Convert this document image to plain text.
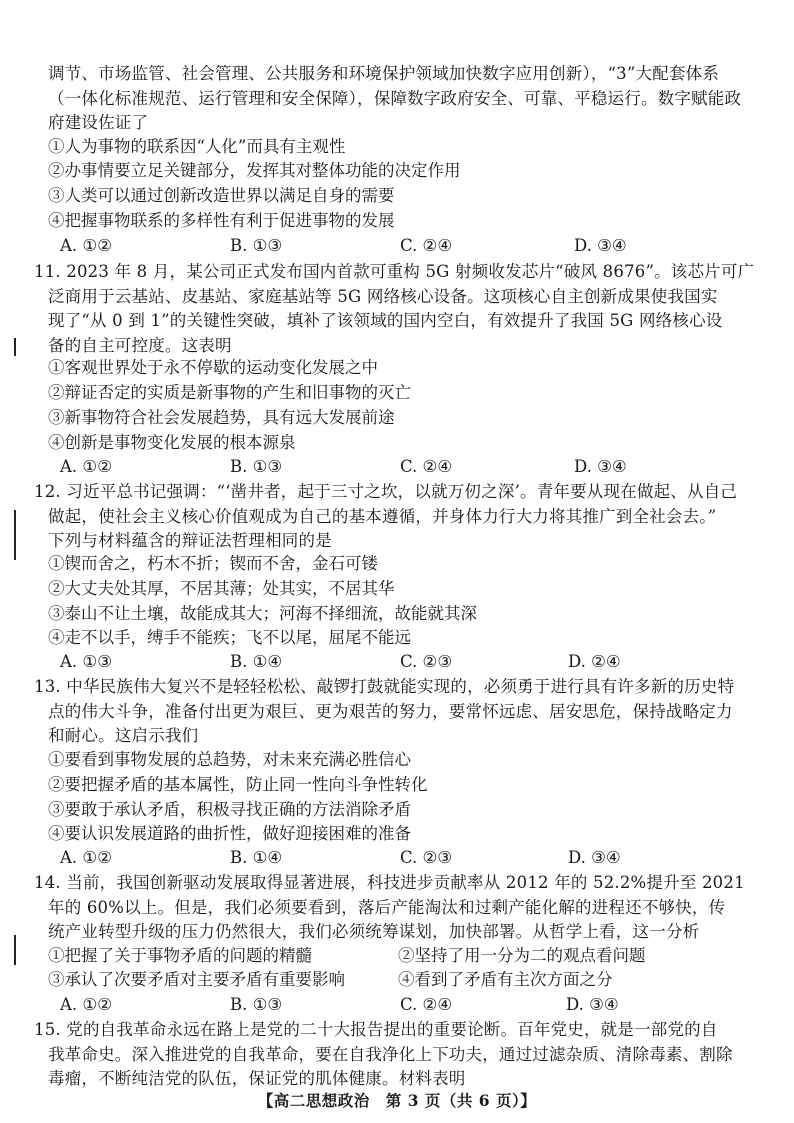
调节、市场监管、社会管理、公共服务和环境保护领域加快数字应用创新），“3”大配套体系
（一体化标准规范、运行管理和安全保障），保障数字政府安全、可靠、平稳运行。数字赋能政
府建设佐证了
①人为事物的联系因“人化”而具有主观性
②办事情要立足关键部分，发挥其对整体功能的决定作用
③人类可以通过创新改造世界以满足自身的需要
④把握事物联系的多样性有利于促进事物的发展
A. ①②	B. ①③	C. ②④	D. ③④
11. 2023 年 8 月，某公司正式发布国内首款可重构 5G 射频收发芯片“破风 8676”。该芯片可广
泛商用于云基站、皮基站、家庭基站等 5G 网络核心设备。这项核心自主创新成果使我国实
现了“从 0 到 1”的关键性突破，填补了该领域的国内空白，有效提升了我国 5G 网络核心设
备的自主可控度。这表明
①客观世界处于永不停歇的运动变化发展之中
②辩证否定的实质是新事物的产生和旧事物的灭亡
③新事物符合社会发展趋势，具有远大发展前途
④创新是事物变化发展的根本源泉
A. ①②	B. ①③	C. ②④	D. ③④
12. 习近平总书记强调：“‘凿井者，起于三寸之坎，以就万仞之深’。青年要从现在做起、从自己
做起，使社会主义核心价值观成为自己的基本遵循，并身体力行大力将其推广到全社会去。”
下列与材料蕴含的辩证法哲理相同的是
①锲而舍之，朽木不折；锲而不舍，金石可镂
②大丈夫处其厚，不居其薄；处其实，不居其华
③泰山不让土壤，故能成其大；河海不择细流，故能就其深
④走不以手，缚手不能疾；飞不以尾，屈尾不能远
A. ①③	B. ①④	C. ②③	D. ②④
13. 中华民族伟大复兴不是轻轻松松、敲锣打鼓就能实现的，必须勇于进行具有许多新的历史特
点的伟大斗争，准备付出更为艰巨、更为艰苦的努力，要常怀远虑、居安思危，保持战略定力
和耐心。这启示我们
①要看到事物发展的总趋势，对未来充满必胜信心
②要把握矛盾的基本属性，防止同一性向斗争性转化
③要敢于承认矛盾，积极寻找正确的方法消除矛盾
④要认识发展道路的曲折性，做好迎接困难的准备
A. ①②	B. ①④	C. ②③	D. ③④
14. 当前，我国创新驱动发展取得显著进展，科技进步贡献率从 2012 年的 52.2%提升至 2021
年的 60%以上。但是，我们必须要看到，落后产能淘汰和过剩产能化解的进程还不够快，传
统产业转型升级的压力仍然很大，我们必须统筹谋划，加快部署。从哲学上看，这一分析
①把握了关于事物矛盾的问题的精髓	②坚持了用一分为二的观点看问题
③承认了次要矛盾对主要矛盾有重要影响	④看到了矛盾有主次方面之分
A. ①②	B. ①③	C. ②④	D. ③④
15. 党的自我革命永远在路上是党的二十大报告提出的重要论断。百年党史，就是一部党的自
我革命史。深入推进党的自我革命，要在自我净化上下功夫，通过过滤杂质、清除毒素、割除
毒瘤，不断纯洁党的队伍，保证党的肌体健康。材料表明
【高二思想政治　第 3 页（共 6 页）】
